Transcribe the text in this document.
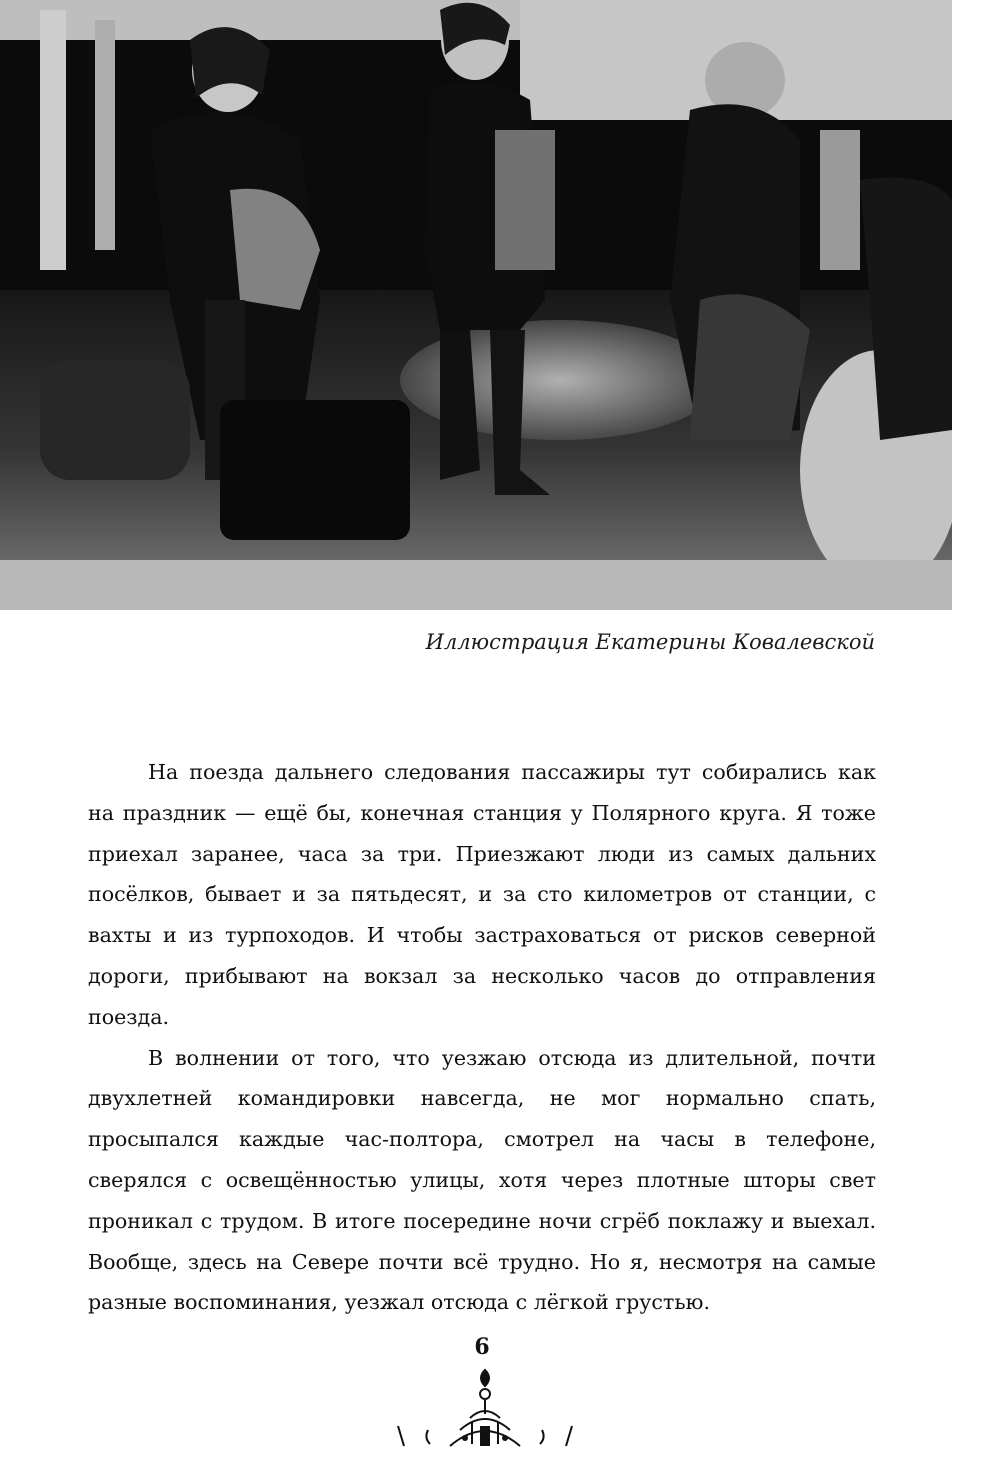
Иллюстрация Екатерины Ковалевской

На поезда дальнего следования пассажиры тут собирались как на праздник — ещё бы, конечная станция у Полярного круга. Я тоже приехал заранее, часа за три. Приезжают люди из самых дальних посёлков, бывает и за пятьдесят, и за сто километров от станции, с вахты и из турпоходов. И чтобы застраховаться от рисков северной дороги, прибывают на вокзал за несколько часов до отправления поезда.

В волнении от того, что уезжаю отсюда из длительной, почти двухлетней командировки навсегда, не мог нормально спать, просыпался каждые час-полтора, смотрел на часы в телефоне, сверялся с освещённостью улицы, хотя через плотные шторы свет проникал с трудом. В итоге посередине ночи сгрёб поклажу и выехал. Вообще, здесь на Севере почти всё трудно. Но я, несмотря на самые разные воспоминания, уезжал отсюда с лёгкой грустью.

6
